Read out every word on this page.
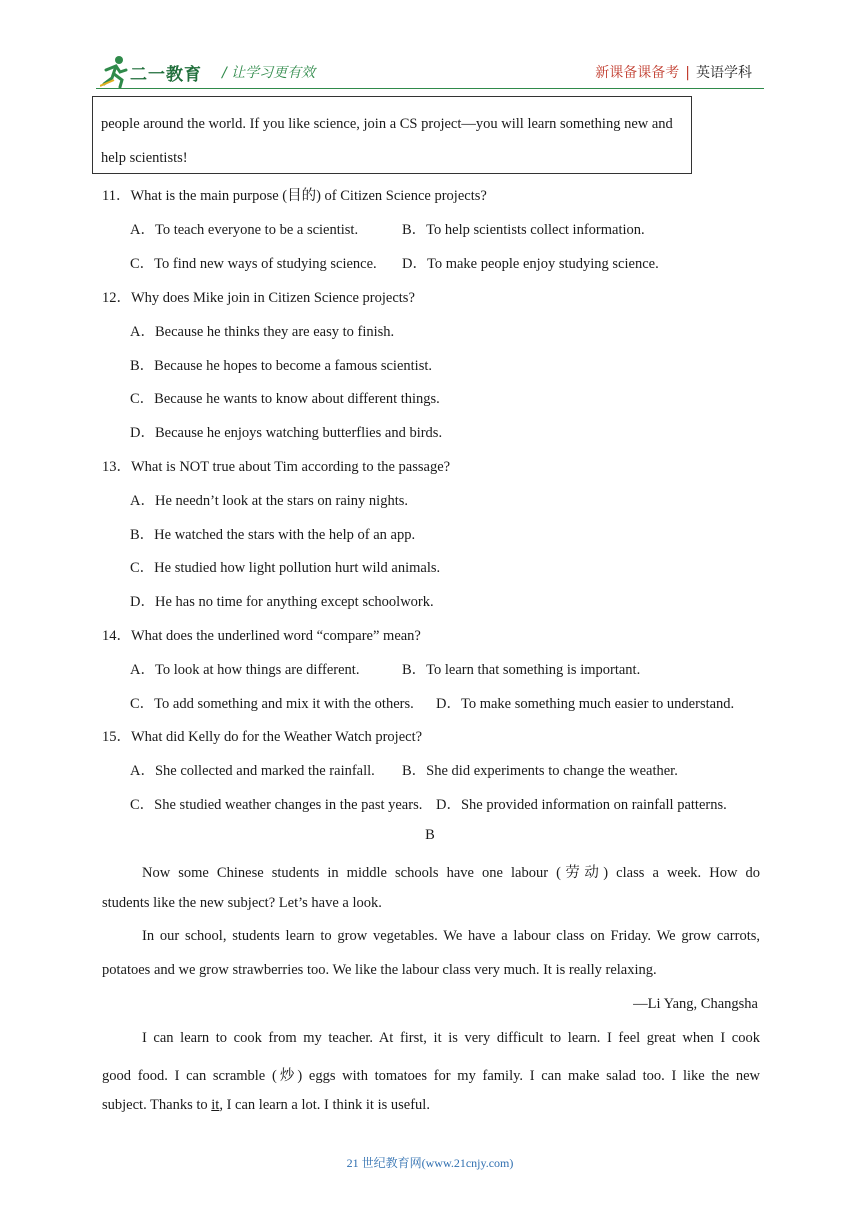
二一教育 / 让学习更有效	新课备课备考 | 英语学科
people around the world. If you like science, join a CS project—you will learn something new and help scientists!
11．What is the main purpose (目的) of Citizen Science projects?
A．To teach everyone to be a scientist.	B．To help scientists collect information.
C．To find new ways of studying science. D．To make people enjoy studying science.
12．Why does Mike join in Citizen Science projects?
A．Because he thinks they are easy to finish.
B．Because he hopes to become a famous scientist.
C．Because he wants to know about different things.
D．Because he enjoys watching butterflies and birds.
13．What is NOT true about Tim according to the passage?
A．He needn’t look at the stars on rainy nights.
B．He watched the stars with the help of an app.
C．He studied how light pollution hurt wild animals.
D．He has no time for anything except schoolwork.
14．What does the underlined word “compare” mean?
A．To look at how things are different.	B．To learn that something is important.
C．To add something and mix it with the others. D．To make something much easier to understand.
15．What did Kelly do for the Weather Watch project?
A．She collected and marked the rainfall. B．She did experiments to change the weather.
C．She studied weather changes in the past years. D．She provided information on rainfall patterns.
B
Now some Chinese students in middle schools have one labour (劳动) class a week. How do
students like the new subject? Let’s have a look.
In our school, students learn to grow vegetables. We have a labour class on Friday. We grow carrots,
potatoes and we grow strawberries too. We like the labour class very much. It is really relaxing.
—Li Yang, Changsha
I can learn to cook from my teacher. At first, it is very difficult to learn. I feel great when I cook
good food. I can scramble (炒) eggs with tomatoes for my family. I can make salad too. I like the new
subject. Thanks to it, I can learn a lot. I think it is useful.
21 世纪教育网(www.21cnjy.com)
